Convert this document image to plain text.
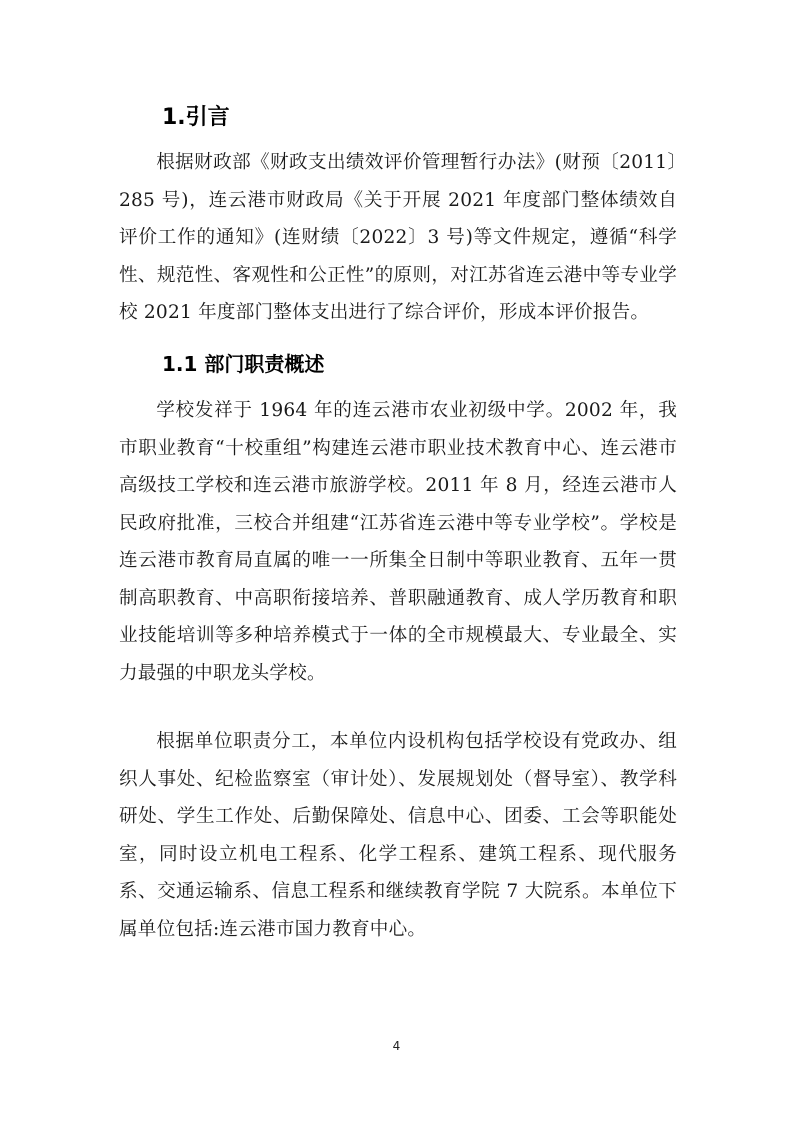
1.引言

根据财政部《财政支出绩效评价管理暂行办法》(财预〔2011〕285 号)，连云港市财政局《关于开展 2021 年度部门整体绩效自评价工作的通知》(连财绩〔2022〕3 号)等文件规定，遵循“科学性、规范性、客观性和公正性”的原则，对江苏省连云港中等专业学校 2021 年度部门整体支出进行了综合评价，形成本评价报告。

1.1 部门职责概述

学校发祥于 1964 年的连云港市农业初级中学。2002 年，我市职业教育“十校重组”构建连云港市职业技术教育中心、连云港市高级技工学校和连云港市旅游学校。2011 年 8 月，经连云港市人民政府批准，三校合并组建“江苏省连云港中等专业学校”。学校是连云港市教育局直属的唯一一所集全日制中等职业教育、五年一贯制高职教育、中高职衔接培养、普职融通教育、成人学历教育和职业技能培训等多种培养模式于一体的全市规模最大、专业最全、实力最强的中职龙头学校。

根据单位职责分工，本单位内设机构包括学校设有党政办、组织人事处、纪检监察室（审计处）、发展规划处（督导室）、教学科研处、学生工作处、后勤保障处、信息中心、团委、工会等职能处室，同时设立机电工程系、化学工程系、建筑工程系、现代服务系、交通运输系、信息工程系和继续教育学院 7 大院系。本单位下属单位包括:连云港市国力教育中心。

4
